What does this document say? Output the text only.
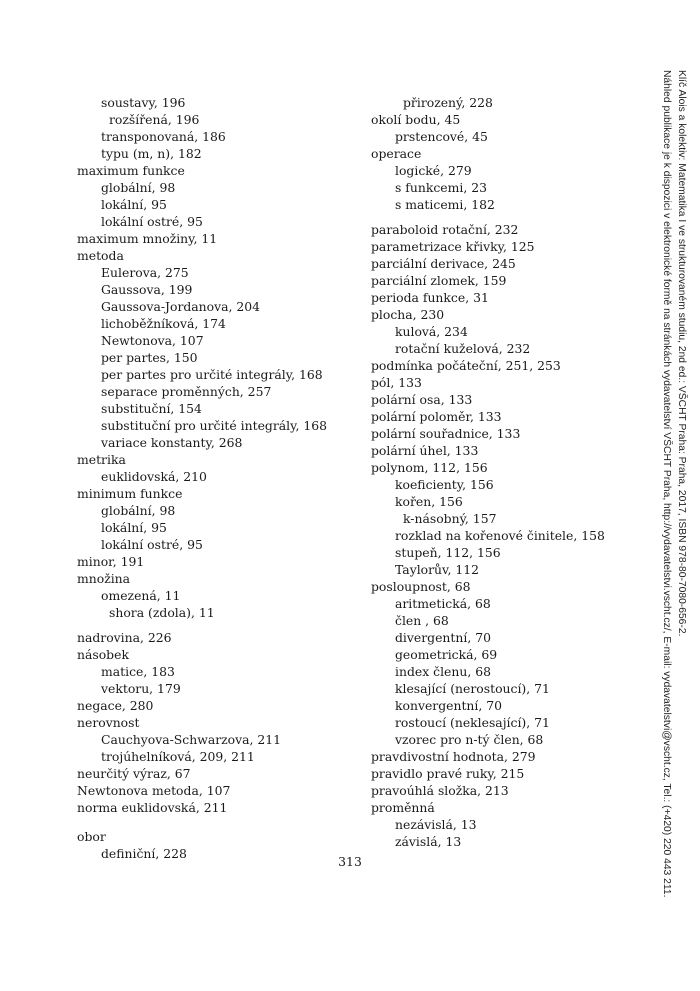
soustavy, 196
rozšířená, 196
transponovaná, 186
typu (m, n), 182
maximum funkce
globální, 98
lokální, 95
lokální ostré, 95
maximum množiny, 11
metoda
Eulerova, 275
Gaussova, 199
Gaussova-Jordanova, 204
lichoběžníková, 174
Newtonova, 107
per partes, 150
per partes pro určité integrály, 168
separace proměnných, 257
substituční, 154
substituční pro určité integrály, 168
variace konstanty, 268
metrika
euklidovská, 210
minimum funkce
globální, 98
lokální, 95
lokální ostré, 95
minor, 191
množina
omezená, 11
shora (zdola), 11
nadrovina, 226
násobek
matice, 183
vektoru, 179
negace, 280
nerovnost
Cauchyova-Schwarzova, 211
trojúhelníková, 209, 211
neurčitý výraz, 67
Newtonova metoda, 107
norma euklidovská, 211
obor
definiční, 228
přirozený, 228
okolí bodu, 45
prstencové, 45
operace
logické, 279
s funkcemi, 23
s maticemi, 182
paraboloid rotační, 232
parametrizace křivky, 125
parciální derivace, 245
parciální zlomek, 159
perioda funkce, 31
plocha, 230
kulová, 234
rotační kuželová, 232
podmínka počáteční, 251, 253
pól, 133
polární osa, 133
polární poloměr, 133
polární souřadnice, 133
polární úhel, 133
polynom, 112, 156
koeficienty, 156
kořen, 156
k-násobný, 157
rozklad na kořenové činitele, 158
stupeň, 112, 156
Taylorův, 112
posloupnost, 68
aritmetická, 68
člen , 68
divergentní, 70
geometrická, 69
index členu, 68
klesající (nerostoucí), 71
konvergentní, 70
rostoucí (neklesající), 71
vzorec pro n-tý člen, 68
pravdivostní hodnota, 279
pravidlo pravé ruky, 215
pravoúhlá složka, 213
proměnná
nezávislá, 13
závislá, 13
313
Klíč Alois a kolektiv: Matematika I ve strukturovaném studiu, 2nd ed.: VŠCHT Praha: Praha, 2017, ISBN 978-80-7080-656-2.
Náhled publikace je k dispozici v elektronické formě na stránkách vydavatelství VŠCHT Praha, http://vydavatelstvi.vscht.cz/, E-mail: vydavatelstvi@vscht.cz, Tel.: (+420) 220 443 211.
